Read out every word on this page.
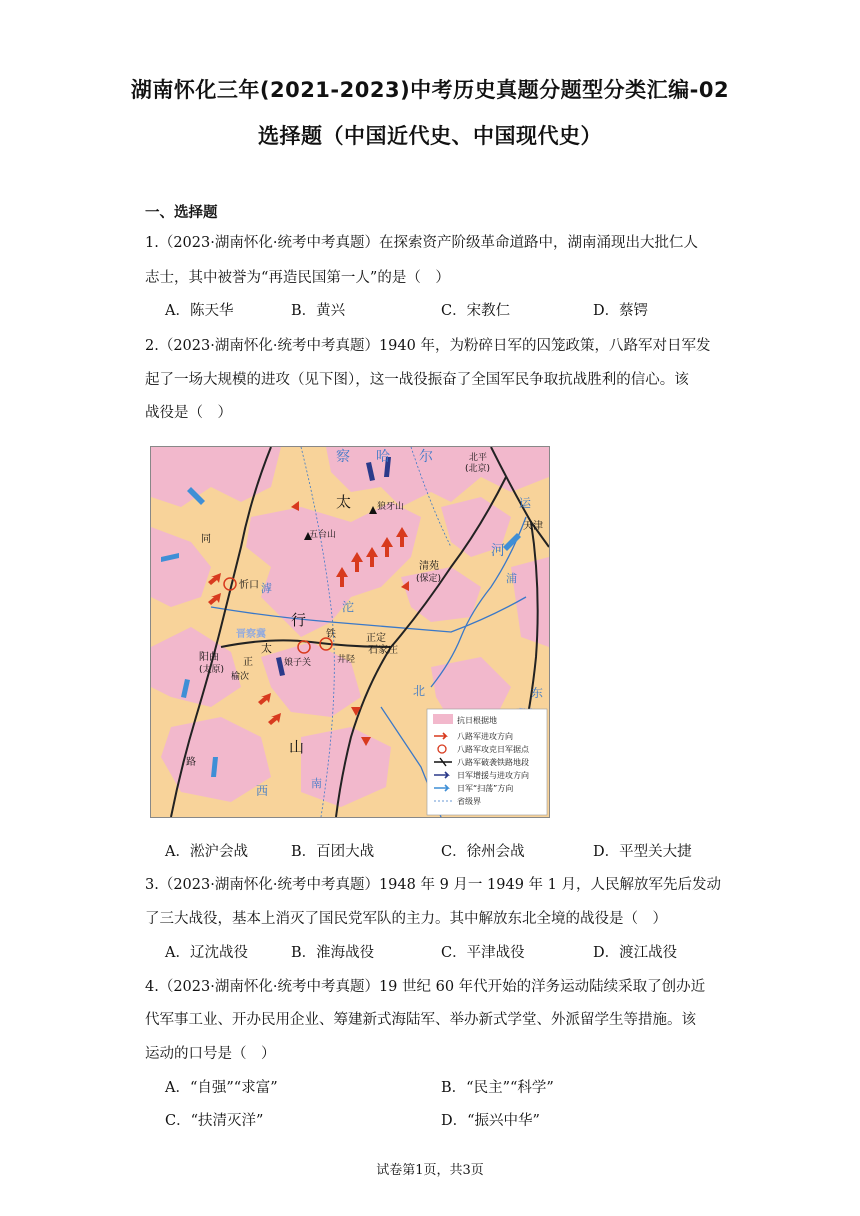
湖南怀化三年(2021-2023)中考历史真题分题型分类汇编-02
选择题（中国近代史、中国现代史）
一、选择题
1.（2023·湖南怀化·统考中考真题）在探索资产阶级革命道路中，湖南涌现出大批仁人
志士，其中被誉为“再造民国第一人”的是（　）
A．陈天华	B．黄兴	C．宋教仁	D．蔡锷
2.（2023·湖南怀化·统考中考真题）1940 年，为粉碎日军的囚笼政策，八路军对日军发
起了一场大规模的进攻（见下图），这一战役振奋了全国军民争取抗战胜利的信心。该
战役是（　）
察 哈 尔	北平
(北京)
天津
太	狼牙山
五台山
清苑
(保定)
忻口
行
沱
正定
石家庄
阳曲
(太原)
娘子关	井陉
榆次
山
西
河
北
南
东
运
滹
浦
晋察冀
路
铁
同
正
太
抗日根据地
八路军进攻方向
八路军攻克日军据点
八路军破袭铁路地段
日军增援与进攻方向
日军“扫荡”方向
省级界
A．淞沪会战	B．百团大战	C．徐州会战	D．平型关大捷
3.（2023·湖南怀化·统考中考真题）1948 年 9 月一 1949 年 1 月，人民解放军先后发动
了三大战役，基本上消灭了国民党军队的主力。其中解放东北全境的战役是（　）
A．辽沈战役	B．淮海战役	C．平津战役	D．渡江战役
4.（2023·湖南怀化·统考中考真题）19 世纪 60 年代开始的洋务运动陆续采取了创办近
代军事工业、开办民用企业、筹建新式海陆军、举办新式学堂、外派留学生等措施。该
运动的口号是（　）
A．“自强”“求富”	B．“民主”“科学”
C．“扶清灭洋”	D．“振兴中华”
试卷第1页，共3页
